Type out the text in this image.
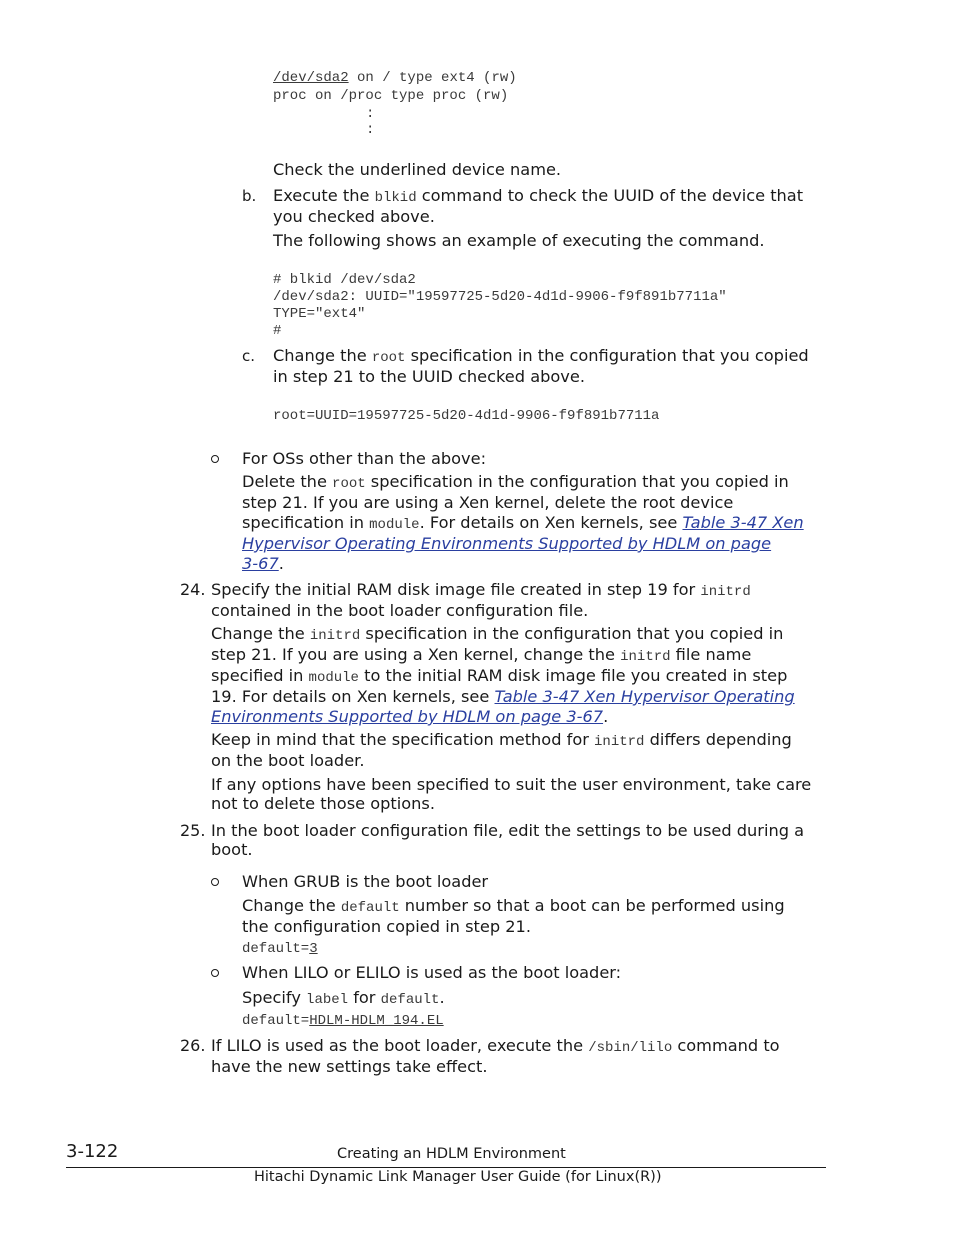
/dev/sda2 on / type ext4 (rw)
proc on /proc type proc (rw)
:
:
Check the underlined device name.
b. Execute the blkid command to check the UUID of the device that
you checked above.
The following shows an example of executing the command.
# blkid /dev/sda2
/dev/sda2: UUID="19597725-5d20-4d1d-9906-f9f891b7711a"
TYPE="ext4"
#
c. Change the root specification in the configuration that you copied
in step 21 to the UUID checked above.
root=UUID=19597725-5d20-4d1d-9906-f9f891b7711a
For OSs other than the above:
Delete the root specification in the configuration that you copied in
step 21. If you are using a Xen kernel, delete the root device
specification in module. For details on Xen kernels, see Table 3-47 Xen
Hypervisor Operating Environments Supported by HDLM on page
3-67.
24. Specify the initial RAM disk image file created in step 19 for initrd
contained in the boot loader configuration file.
Change the initrd specification in the configuration that you copied in
step 21. If you are using a Xen kernel, change the initrd file name
specified in module to the initial RAM disk image file you created in step
19. For details on Xen kernels, see Table 3-47 Xen Hypervisor Operating
Environments Supported by HDLM on page 3-67.
Keep in mind that the specification method for initrd differs depending
on the boot loader.
If any options have been specified to suit the user environment, take care
not to delete those options.
25. In the boot loader configuration file, edit the settings to be used during a
boot.
When GRUB is the boot loader
Change the default number so that a boot can be performed using
the configuration copied in step 21.
default=3
When LILO or ELILO is used as the boot loader:
Specify label for default.
default=HDLM-HDLM_194.EL
26. If LILO is used as the boot loader, execute the /sbin/lilo command to
have the new settings take effect.
3-122	Creating an HDLM Environment
Hitachi Dynamic Link Manager User Guide (for Linux(R))
